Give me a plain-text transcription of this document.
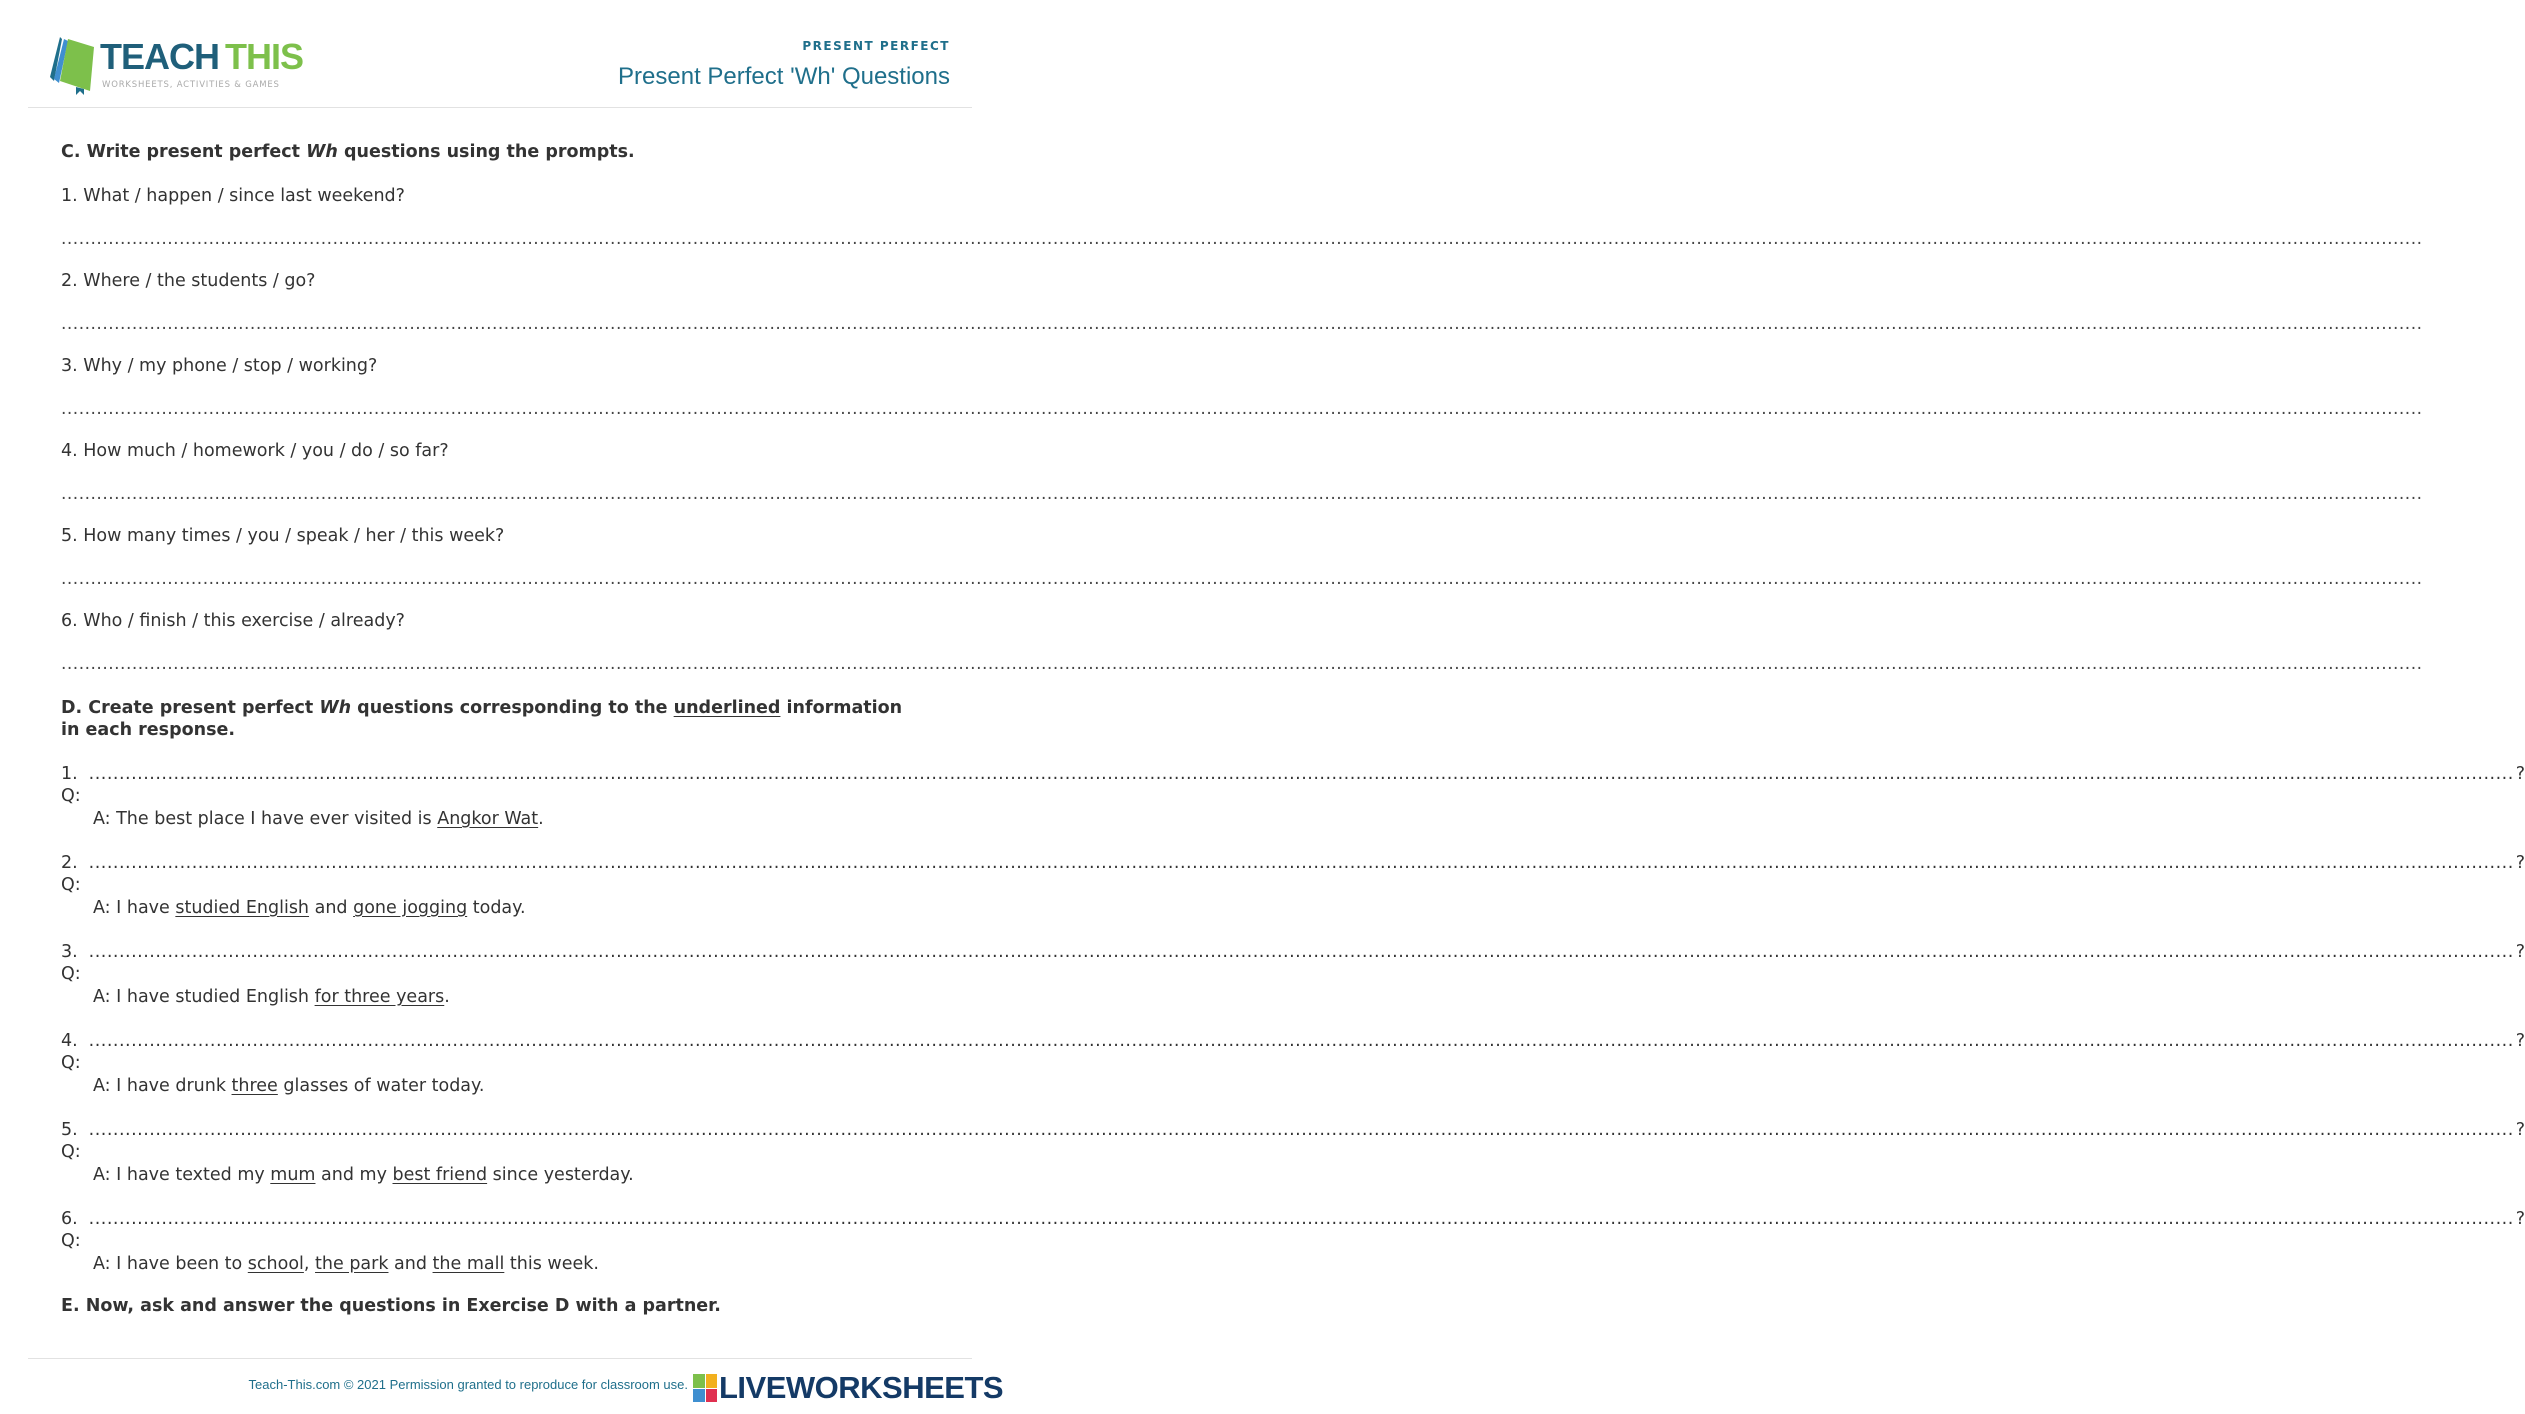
TEACH THIS
WORKSHEETS, ACTIVITIES & GAMES
PRESENT PERFECT
Present Perfect 'Wh' Questions
C. Write present perfect Wh questions using the prompts.
1. What / happen / since last weekend?
................................................................................................................................................................................................................................................................................................................................................................................................................
2. Where / the students / go?
................................................................................................................................................................................................................................................................................................................................................................................................................
3. Why / my phone / stop / working?
................................................................................................................................................................................................................................................................................................................................................................................................................
4. How much / homework / you / do / so far?
................................................................................................................................................................................................................................................................................................................................................................................................................
5. How many times / you / speak / her / this week?
................................................................................................................................................................................................................................................................................................................................................................................................................
6. Who / finish / this exercise / already?
................................................................................................................................................................................................................................................................................................................................................................................................................
D. Create present perfect Wh questions corresponding to the underlined information
in each response.
1. Q:
................................................................................................................................................................................................................................................................................................................................................................................................................ ?
A: The best place I have ever visited is Angkor Wat.
2. Q:
................................................................................................................................................................................................................................................................................................................................................................................................................ ?
A: I have studied English and gone jogging today.
3. Q:
................................................................................................................................................................................................................................................................................................................................................................................................................ ?
A: I have studied English for three years.
4. Q:
................................................................................................................................................................................................................................................................................................................................................................................................................ ?
A: I have drunk three glasses of water today.
5. Q:
................................................................................................................................................................................................................................................................................................................................................................................................................ ?
A: I have texted my mum and my best friend since yesterday.
6. Q:
................................................................................................................................................................................................................................................................................................................................................................................................................ ?
A: I have been to school, the park and the mall this week.
E. Now, ask and answer the questions in Exercise D with a partner.
Teach-This.com © 2021 Permission granted to reproduce for classroom use. LIVEWORKSHEETS
